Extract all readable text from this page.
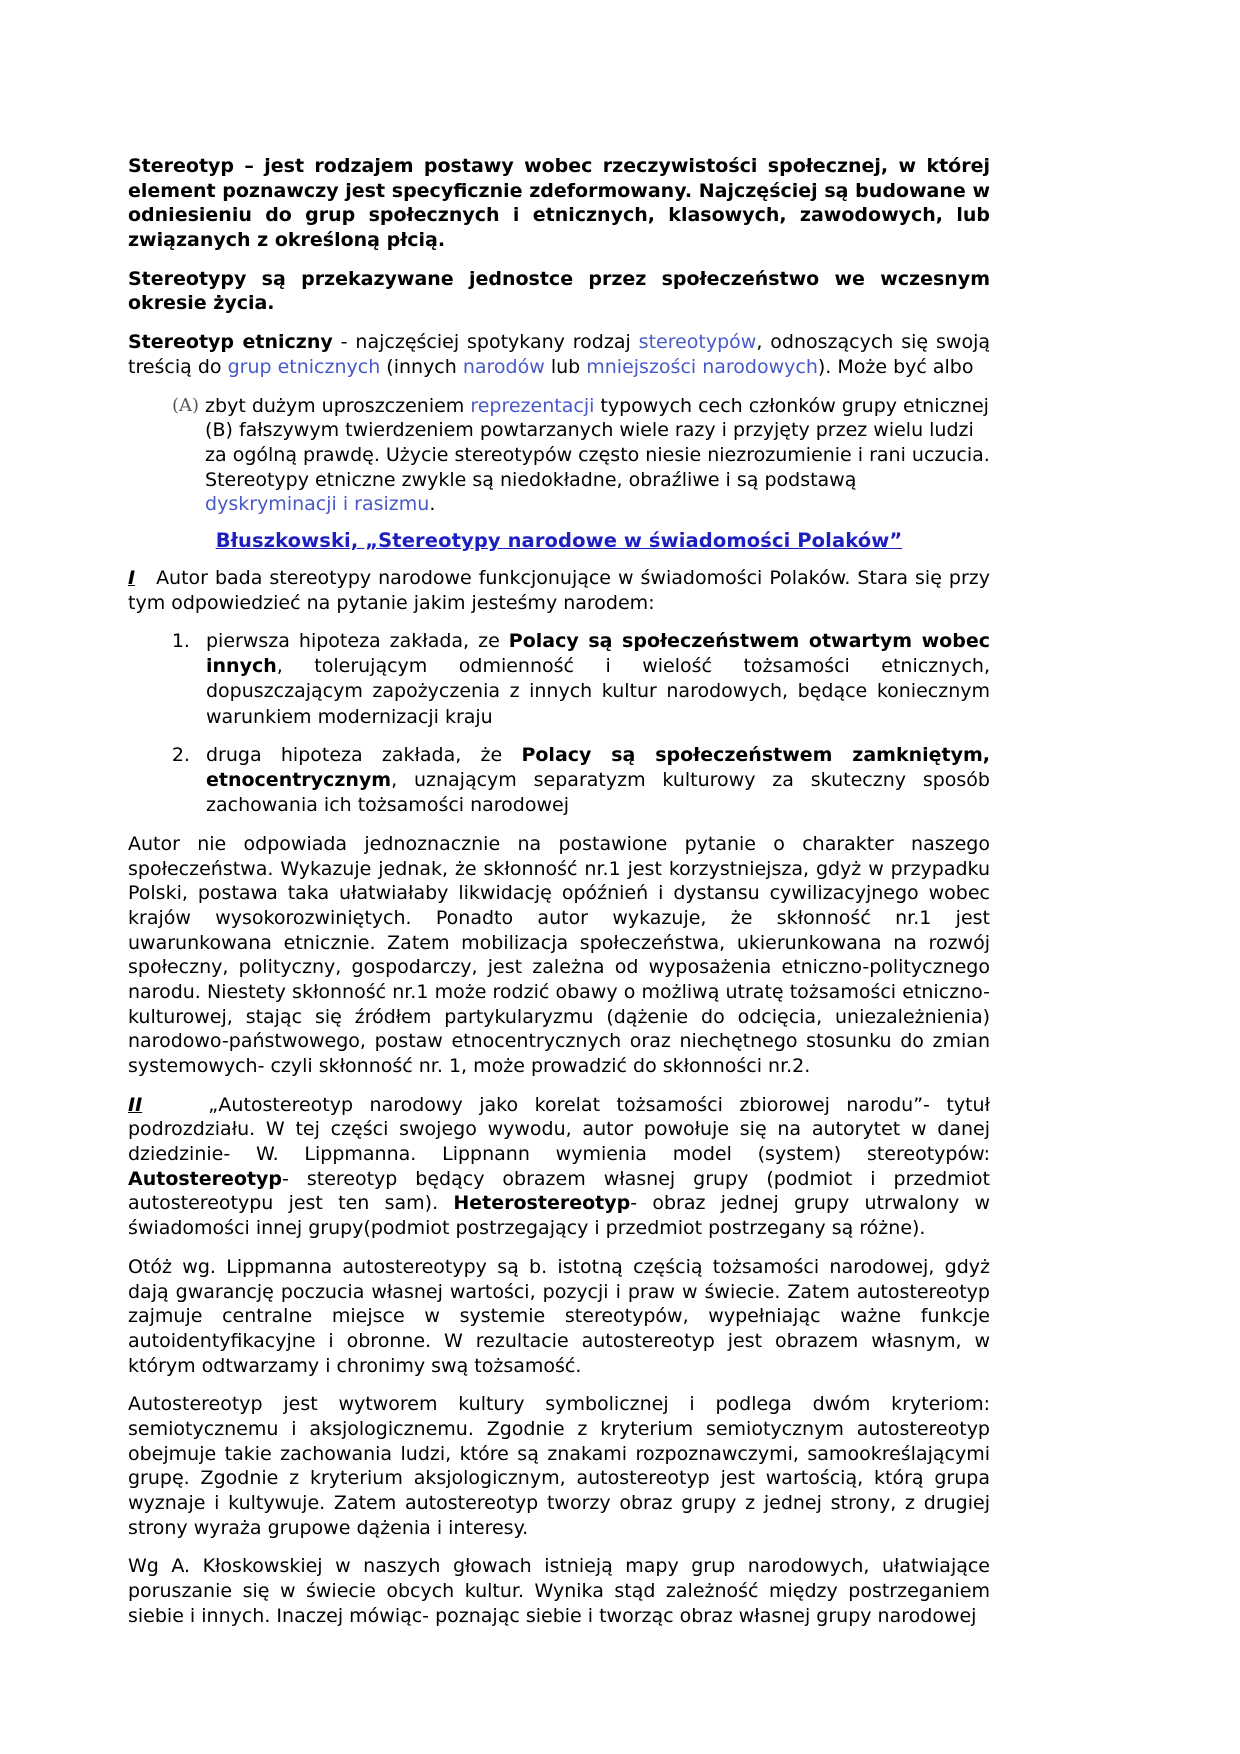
Stereotyp – jest rodzajem postawy wobec rzeczywistości społecznej, w której element poznawczy jest specyficznie zdeformowany. Najczęściej są budowane w odniesieniu do grup społecznych i etnicznych, klasowych, zawodowych, lub związanych z określoną płcią.

Stereotypy są przekazywane jednostce przez społeczeństwo we wczesnym okresie życia.

Stereotyp etniczny - najczęściej spotykany rodzaj stereotypów, odnoszących się swoją treścią do grup etnicznych (innych narodów lub mniejszości narodowych). Może być albo

(A) zbyt dużym uproszczeniem reprezentacji typowych cech członków grupy etnicznej (B) fałszywym twierdzeniem powtarzanych wiele razy i przyjęty przez wielu ludzi za ogólną prawdę. Użycie stereotypów często niesie niezrozumienie i rani uczucia. Stereotypy etniczne zwykle są niedokładne, obraźliwe i są podstawą dyskryminacji i rasizmu.
Błuszkowski, „Stereotypy narodowe w świadomości Polaków”

I Autor bada stereotypy narodowe funkcjonujące w świadomości Polaków. Stara się przy tym odpowiedzieć na pytanie jakim jesteśmy narodem:

1. pierwsza hipoteza zakłada, ze Polacy są społeczeństwem otwartym wobec innych, tolerującym odmienność i wielość tożsamości etnicznych, dopuszczającym zapożyczenia z innych kultur narodowych, będące koniecznym warunkiem modernizacji kraju
2. druga hipoteza zakłada, że Polacy są społeczeństwem zamkniętym, etnocentrycznym, uznającym separatyzm kulturowy za skuteczny sposób zachowania ich tożsamości narodowej

Autor nie odpowiada jednoznacznie na postawione pytanie o charakter naszego społeczeństwa. Wykazuje jednak, że skłonność nr.1 jest korzystniejsza, gdyż w przypadku Polski, postawa taka ułatwiałaby likwidację opóźnień i dystansu cywilizacyjnego wobec krajów wysokorozwiniętych. Ponadto autor wykazuje, że skłonność nr.1 jest uwarunkowana etnicznie. Zatem mobilizacja społeczeństwa, ukierunkowana na rozwój społeczny, polityczny, gospodarczy, jest zależna od wyposażenia etniczno-politycznego narodu. Niestety skłonność nr.1 może rodzić obawy o możliwą utratę tożsamości etniczno-kulturowej, stając się źródłem partykularyzmu (dążenie do odcięcia, uniezależnienia) narodowo-państwowego, postaw etnocentrycznych oraz niechętnego stosunku do zmian systemowych- czyli skłonność nr. 1, może prowadzić do skłonności nr.2.

II	„Autostereotyp narodowy jako korelat tożsamości zbiorowej narodu”- tytuł podrozdziału. W tej części swojego wywodu, autor powołuje się na autorytet w danej dziedzinie- W. Lippmanna. Lippnann wymienia model (system) stereotypów: Autostereotyp- stereotyp będący obrazem własnej grupy (podmiot i przedmiot autostereotypu jest ten sam). Heterostereotyp- obraz jednej grupy utrwalony w świadomości innej grupy(podmiot postrzegający i przedmiot postrzegany są różne).

Otóż wg. Lippmanna autostereotypy są b. istotną częścią tożsamości narodowej, gdyż dają gwarancję poczucia własnej wartości, pozycji i praw w świecie. Zatem autostereotyp zajmuje centralne miejsce w systemie stereotypów, wypełniając ważne funkcje autoidentyfikacyjne i obronne. W rezultacie autostereotyp jest obrazem własnym, w którym odtwarzamy i chronimy swą tożsamość.

Autostereotyp jest wytworem kultury symbolicznej i podlega dwóm kryteriom: semiotycznemu i aksjologicznemu. Zgodnie z kryterium semiotycznym autostereotyp obejmuje takie zachowania ludzi, które są znakami rozpoznawczymi, samookreślającymi grupę. Zgodnie z kryterium aksjologicznym, autostereotyp jest wartością, którą grupa wyznaje i kultywuje. Zatem autostereotyp tworzy obraz grupy z jednej strony, z drugiej strony wyraża grupowe dążenia i interesy.

Wg A. Kłoskowskiej w naszych głowach istnieją mapy grup narodowych, ułatwiające poruszanie się w świecie obcych kultur. Wynika stąd zależność między postrzeganiem siebie i innych. Inaczej mówiąc- poznając siebie i tworząc obraz własnej grupy narodowej
